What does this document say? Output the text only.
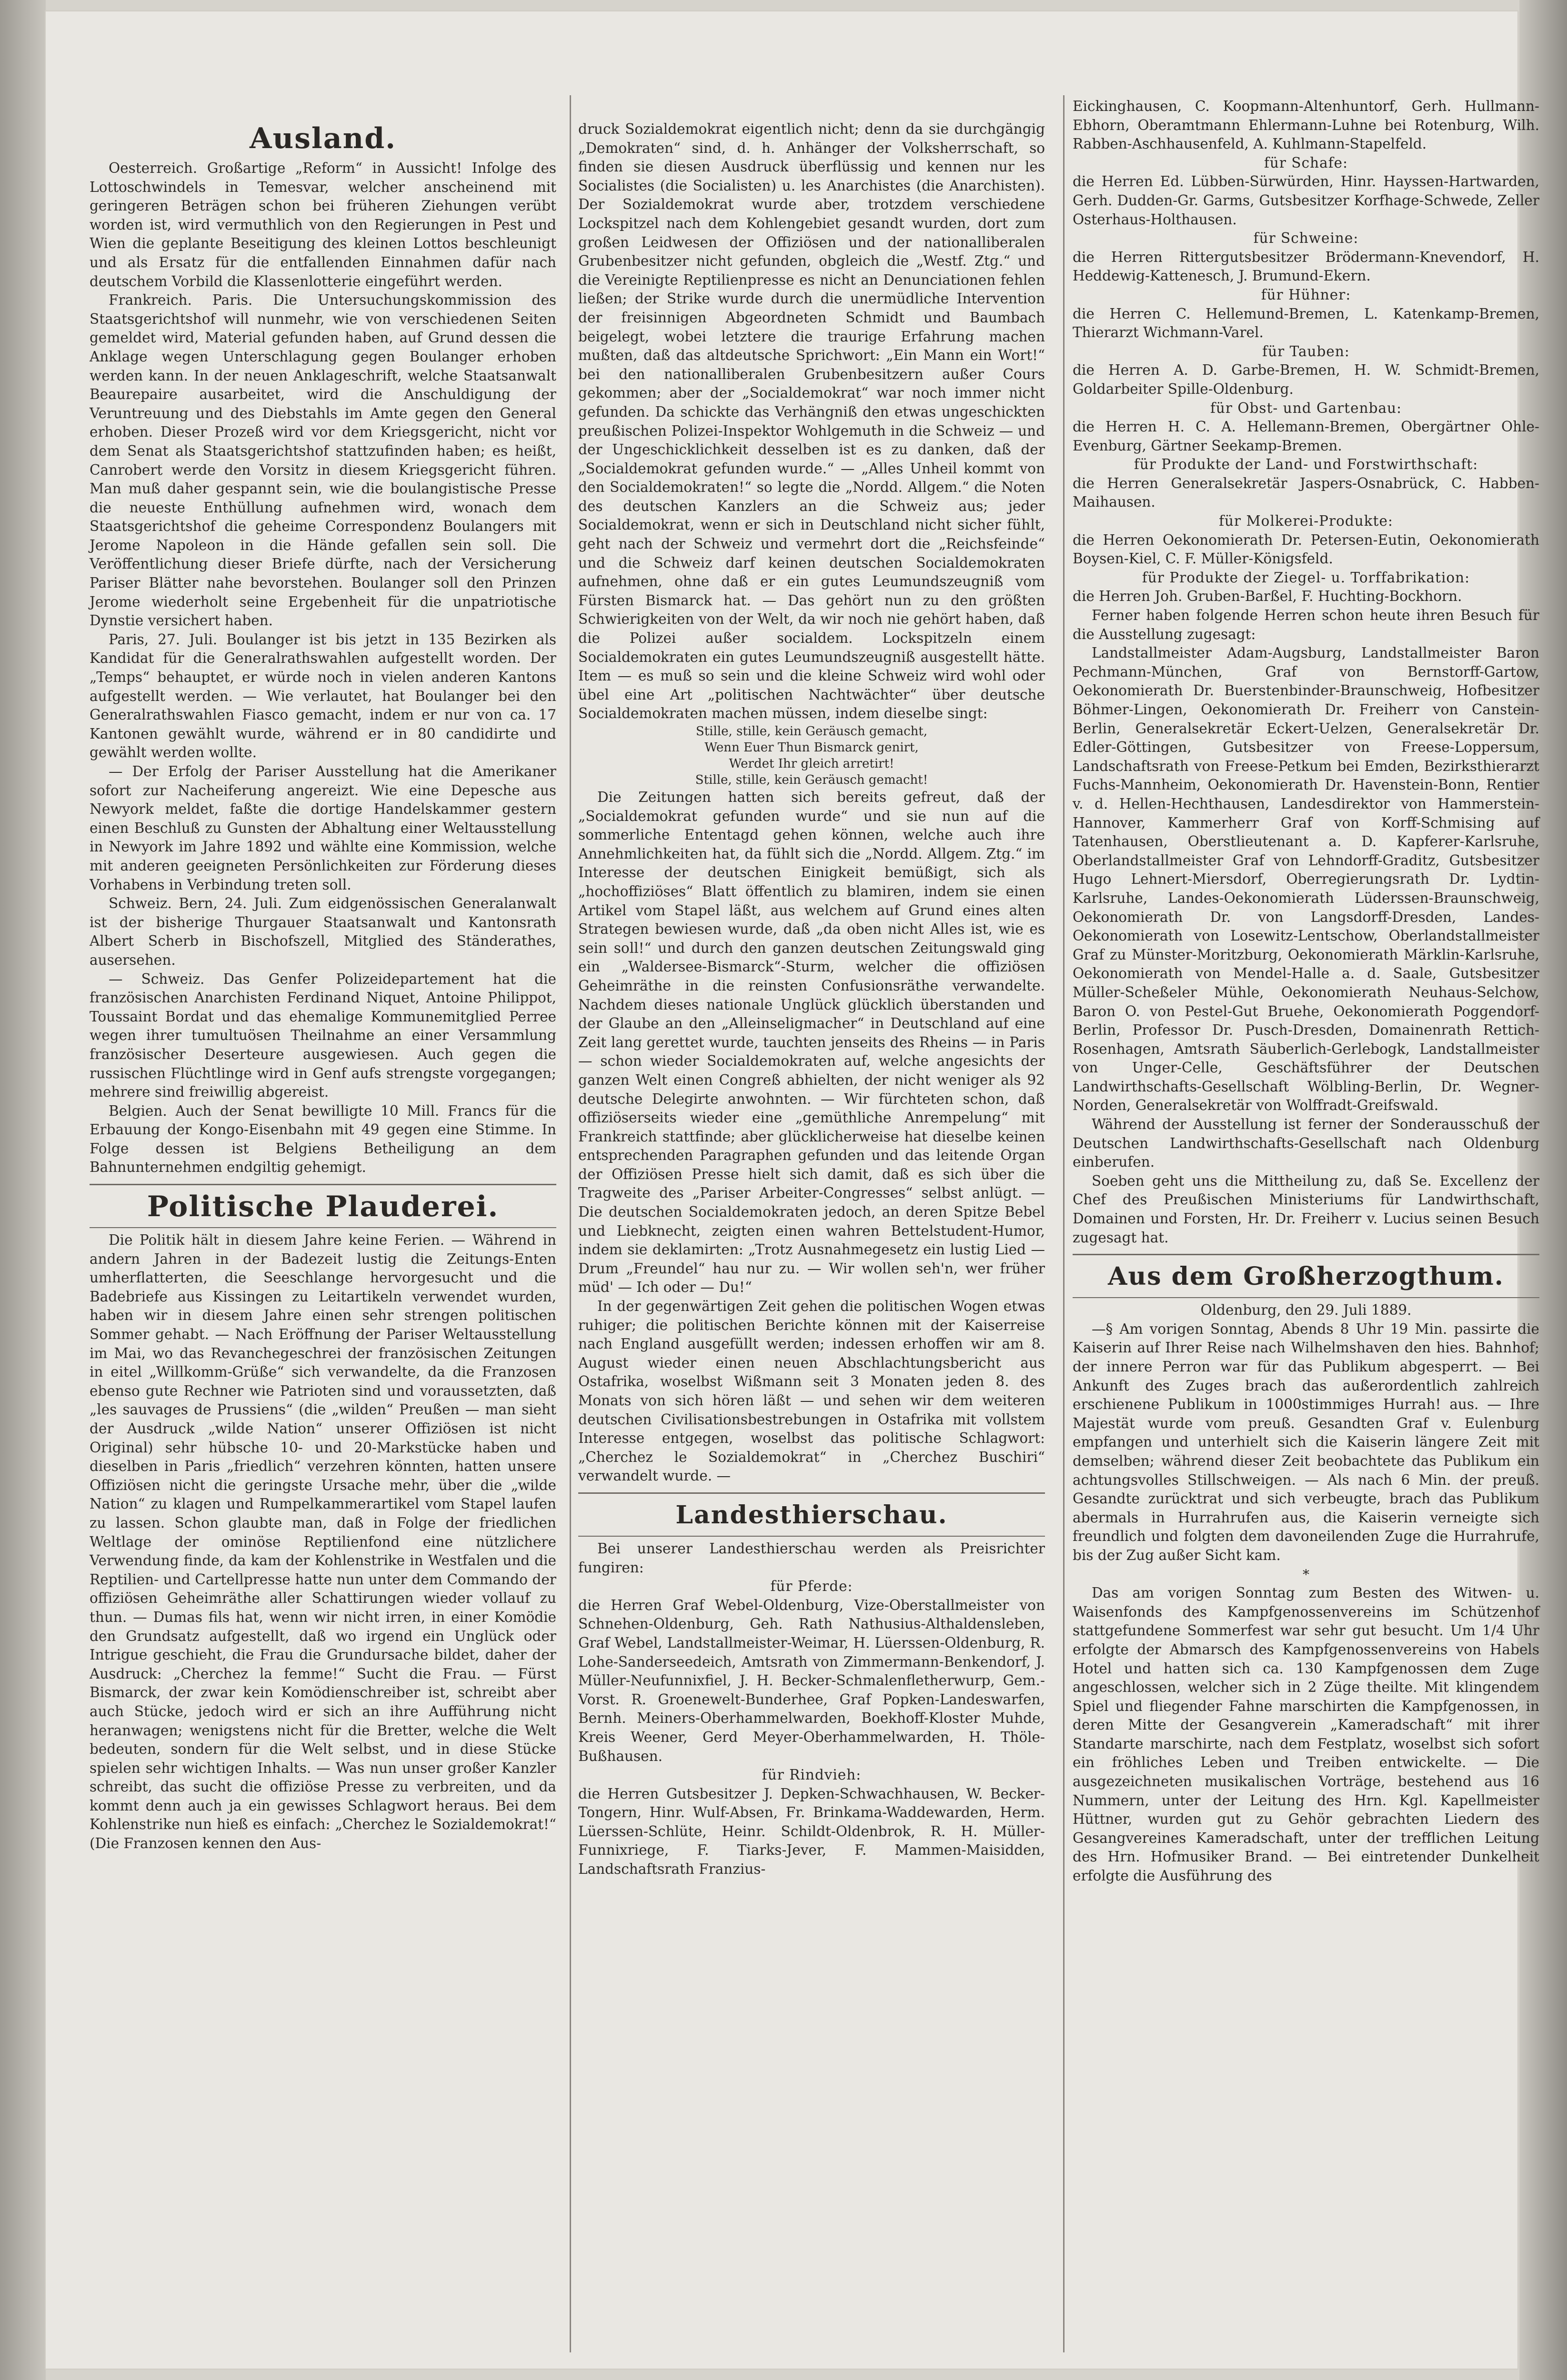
Ausland.

Oesterreich. Großartige „Reform“ in Aussicht! Infolge des Lottoschwindels in Temesvar, welcher anscheinend mit geringeren Beträgen schon bei früheren Ziehungen verübt worden ist, wird vermuthlich von den Regierungen in Pest und Wien die geplante Beseitigung des kleinen Lottos beschleunigt und als Ersatz für die entfallenden Einnahmen dafür nach deutschem Vorbild die Klassenlotterie eingeführt werden.

Frankreich. Paris. Die Untersuchungskommission des Staatsgerichtshof will nunmehr, wie von verschiedenen Seiten gemeldet wird, Material gefunden haben, auf Grund dessen die Anklage wegen Unterschlagung gegen Boulanger erhoben werden kann. In der neuen Anklageschrift, welche Staatsanwalt Beaurepaire ausarbeitet, wird die Anschuldigung der Veruntreuung und des Diebstahls im Amte gegen den General erhoben. Dieser Prozeß wird vor dem Kriegsgericht, nicht vor dem Senat als Staatsgerichtshof stattzufinden haben; es heißt, Canrobert werde den Vorsitz in diesem Kriegsgericht führen. Man muß daher gespannt sein, wie die boulangistische Presse die neueste Enthüllung aufnehmen wird, wonach dem Staatsgerichtshof die geheime Correspondenz Boulangers mit Jerome Napoleon in die Hände gefallen sein soll. Die Veröffentlichung dieser Briefe dürfte, nach der Versicherung Pariser Blätter nahe bevorstehen. Boulanger soll den Prinzen Jerome wiederholt seine Ergebenheit für die unpatriotische Dynstie versichert haben.

Paris, 27. Juli. Boulanger ist bis jetzt in 135 Bezirken als Kandidat für die Generalrathswahlen aufgestellt worden. Der „Temps“ behauptet, er würde noch in vielen anderen Kantons aufgestellt werden. — Wie verlautet, hat Boulanger bei den Generalrathswahlen Fiasco gemacht, indem er nur von ca. 17 Kantonen gewählt wurde, während er in 80 candidirte und gewählt werden wollte.

— Der Erfolg der Pariser Ausstellung hat die Amerikaner sofort zur Nacheiferung angereizt. Wie eine Depesche aus Newyork meldet, faßte die dortige Handelskammer gestern einen Beschluß zu Gunsten der Abhaltung einer Weltausstellung in Newyork im Jahre 1892 und wählte eine Kommission, welche mit anderen geeigneten Persönlichkeiten zur Förderung dieses Vorhabens in Verbindung treten soll.

Schweiz. Bern, 24. Juli. Zum eidgenössischen Generalanwalt ist der bisherige Thurgauer Staatsanwalt und Kantonsrath Albert Scherb in Bischofszell, Mitglied des Ständerathes, ausersehen.

— Schweiz. Das Genfer Polizeidepartement hat die französischen Anarchisten Ferdinand Niquet, Antoine Philippot, Toussaint Bordat und das ehemalige Kommunemitglied Perree wegen ihrer tumultuösen Theilnahme an einer Versammlung französischer Deserteure ausgewiesen. Auch gegen die russischen Flüchtlinge wird in Genf aufs strengste vorgegangen; mehrere sind freiwillig abgereist.

Belgien. Auch der Senat bewilligte 10 Mill. Francs für die Erbauung der Kongo-Eisenbahn mit 49 gegen eine Stimme. In Folge dessen ist Belgiens Betheiligung an dem Bahnunternehmen endgiltig gehemigt.

Politische Plauderei.

Die Politik hält in diesem Jahre keine Ferien. — Während in andern Jahren in der Badezeit lustig die Zeitungs-Enten umherflatterten, die Seeschlange hervorgesucht und die Badebriefe aus Kissingen zu Leitartikeln verwendet wurden, haben wir in diesem Jahre einen sehr strengen politischen Sommer gehabt. — Nach Eröffnung der Pariser Weltausstellung im Mai, wo das Revanchegeschrei der französischen Zeitungen in eitel „Willkomm-Grüße“ sich verwandelte, da die Franzosen ebenso gute Rechner wie Patrioten sind und voraussetzten, daß „les sauvages de Prussiens“ (die „wilden“ Preußen — man sieht der Ausdruck „wilde Nation“ unserer Offiziösen ist nicht Original) sehr hübsche 10- und 20-Markstücke haben und dieselben in Paris „friedlich“ verzehren könnten, hatten unsere Offiziösen nicht die geringste Ursache mehr, über die „wilde Nation“ zu klagen und Rumpelkammerartikel vom Stapel laufen zu lassen. Schon glaubte man, daß in Folge der friedlichen Weltlage der ominöse Reptilienfond eine nützlichere Verwendung finde, da kam der Kohlenstrike in Westfalen und die Reptilien- und Cartellpresse hatte nun unter dem Commando der offiziösen Geheimräthe aller Schattirungen wieder vollauf zu thun. — Dumas fils hat, wenn wir nicht irren, in einer Komödie den Grundsatz aufgestellt, daß wo irgend ein Unglück oder Intrigue geschieht, die Frau die Grundursache bildet, daher der Ausdruck: „Cherchez la femme!“ Sucht die Frau. — Fürst Bismarck, der zwar kein Komödienschreiber ist, schreibt aber auch Stücke, jedoch wird er sich an ihre Aufführung nicht heranwagen; wenigstens nicht für die Bretter, welche die Welt bedeuten, sondern für die Welt selbst, und in diese Stücke spielen sehr wichtigen Inhalts. — Was nun unser großer Kanzler schreibt, das sucht die offiziöse Presse zu verbreiten, und da kommt denn auch ja ein gewisses Schlagwort heraus. Bei dem Kohlenstrike nun hieß es einfach: „Cherchez le Sozialdemokrat!“ (Die Franzosen kennen den Aus-

druck Sozialdemokrat eigentlich nicht; denn da sie durchgängig „Demokraten“ sind, d. h. Anhänger der Volksherrschaft, so finden sie diesen Ausdruck überflüssig und kennen nur les Socialistes (die Socialisten) u. les Anarchistes (die Anarchisten). Der Sozialdemokrat wurde aber, trotzdem verschiedene Lockspitzel nach dem Kohlengebiet gesandt wurden, dort zum großen Leidwesen der Offiziösen und der nationalliberalen Grubenbesitzer nicht gefunden, obgleich die „Westf. Ztg.“ und die Vereinigte Reptilienpresse es nicht an Denunciationen fehlen ließen; der Strike wurde durch die unermüdliche Intervention der freisinnigen Abgeordneten Schmidt und Baumbach beigelegt, wobei letztere die traurige Erfahrung machen mußten, daß das altdeutsche Sprichwort: „Ein Mann ein Wort!“ bei den nationalliberalen Grubenbesitzern außer Cours gekommen; aber der „Socialdemokrat“ war noch immer nicht gefunden. Da schickte das Verhängniß den etwas ungeschickten preußischen Polizei-Inspektor Wohlgemuth in die Schweiz — und der Ungeschicklichkeit desselben ist es zu danken, daß der „Socialdemokrat gefunden wurde.“ — „Alles Unheil kommt von den Socialdemokraten!“ so legte die „Nordd. Allgem.“ die Noten des deutschen Kanzlers an die Schweiz aus; jeder Socialdemokrat, wenn er sich in Deutschland nicht sicher fühlt, geht nach der Schweiz und vermehrt dort die „Reichsfeinde“ und die Schweiz darf keinen deutschen Socialdemokraten aufnehmen, ohne daß er ein gutes Leumundszeugniß vom Fürsten Bismarck hat. — Das gehört nun zu den größten Schwierigkeiten von der Welt, da wir noch nie gehört haben, daß die Polizei außer socialdem. Lockspitzeln einem Socialdemokraten ein gutes Leumundszeugniß ausgestellt hätte. Item — es muß so sein und die kleine Schweiz wird wohl oder übel eine Art „politischen Nachtwächter“ über deutsche Socialdemokraten machen müssen, indem dieselbe singt:

Stille, stille, kein Geräusch gemacht,

Wenn Euer Thun Bismarck genirt,

Werdet Ihr gleich arretirt!

Stille, stille, kein Geräusch gemacht!

Die Zeitungen hatten sich bereits gefreut, daß der „Socialdemokrat gefunden wurde“ und sie nun auf die sommerliche Ententagd gehen können, welche auch ihre Annehmlichkeiten hat, da fühlt sich die „Nordd. Allgem. Ztg.“ im Interesse der deutschen Einigkeit bemüßigt, sich als „hochoffiziöses“ Blatt öffentlich zu blamiren, indem sie einen Artikel vom Stapel läßt, aus welchem auf Grund eines alten Strategen bewiesen wurde, daß „da oben nicht Alles ist, wie es sein soll!“ und durch den ganzen deutschen Zeitungswald ging ein „Walderseе-Bismarck“-Sturm, welcher die offiziösen Geheimräthe in die reinsten Confusionsräthe verwandelte. Nachdem dieses nationale Unglück glücklich überstanden und der Glaube an den „Alleinseligmacher“ in Deutschland auf eine Zeit lang gerettet wurde, tauchten jenseits des Rheins — in Paris — schon wieder Socialdemokraten auf, welche angesichts der ganzen Welt einen Congreß abhielten, der nicht weniger als 92 deutsche Delegirte anwohnten. — Wir fürchteten schon, daß offiziöserseits wieder eine „gemüthliche Anrempelung“ mit Frankreich stattfinde; aber glücklicherweise hat dieselbe keinen entsprechenden Paragraphen gefunden und das leitende Organ der Offiziösen Presse hielt sich damit, daß es sich über die Tragweite des „Pariser Arbeiter-Congresses“ selbst anlügt. — Die deutschen Socialdemokraten jedoch, an deren Spitze Bebel und Liebknecht, zeigten einen wahren Bettelstudent-Humor, indem sie deklamirten: „Trotz Ausnahmegesetz ein lustig Lied — Drum „Freundel“ hau nur zu. — Wir wollen seh'n, wer früher müd' — Ich oder — Du!“

In der gegenwärtigen Zeit gehen die politischen Wogen etwas ruhiger; die politischen Berichte können mit der Kaiserreise nach England ausgefüllt werden; indessen erhoffen wir am 8. August wieder einen neuen Abschlachtungsbericht aus Ostafrika, woselbst Wißmann seit 3 Monaten jeden 8. des Monats von sich hören läßt — und sehen wir dem weiteren deutschen Civilisationsbestrebungen in Ostafrika mit vollstem Interesse entgegen, woselbst das politische Schlagwort: „Cherchez le Sozialdemokrat“ in „Cherchez Buschiri“ verwandelt wurde. —

Landesthierschau.

Bei unserer Landesthierschau werden als Preisrichter fungiren:

für Pferde:

die Herren Graf Webel-Oldenburg, Vize-Oberstallmeister von Schnehen-Oldenburg, Geh. Rath Nathusius-Althaldensleben, Graf Webel, Landstallmeister-Weimar, H. Lüerssen-Oldenburg, R. Lohe-Sanderseedeich, Amtsrath von Zimmermann-Benkendorf, J. Müller-Neufunnixfiel, J. H. Becker-Schmalenfletherwurp, Gem.-Vorst. R. Groenewelt-Bunderhee, Graf Popken-Landeswarfen, Bernh. Meiners-Oberhammelwarden, Boekhoff-Kloster Muhde, Kreis Weener, Gerd Meyer-Oberhammelwarden, H. Thöle-Bußhausen.

für Rindvieh:

die Herren Gutsbesitzer J. Depken-Schwachhausen, W. Becker-Tongern, Hinr. Wulf-Absen, Fr. Brinkama-Waddewarden, Herm. Lüerssen-Schlüte, Heinr. Schildt-Oldenbrok, R. H. Müller-Funnixriege, F. Tiarks-Jever, F. Mammen-Maisidden, Landschaftsrath Franzius-

Eickinghausen, C. Koopmann-Altenhuntorf, Gerh. Hullmann-Ebhorn, Oberamtmann Ehlermann-Luhne bei Rotenburg, Wilh. Rabben-Aschhausenfeld, A. Kuhlmann-Stapelfeld.

für Schafe:

die Herren Ed. Lübben-Sürwürden, Hinr. Hayssen-Hartwarden, Gerh. Dudden-Gr. Garms, Gutsbesitzer Korfhage-Schwede, Zeller Osterhaus-Holthausen.

für Schweine:

die Herren Rittergutsbesitzer Brödermann-Knevendorf, H. Heddewig-Kattenesch, J. Brumund-Ekern.

für Hühner:

die Herren C. Hellemund-Bremen, L. Katenkamp-Bremen, Thierarzt Wichmann-Varel.

für Tauben:

die Herren A. D. Garbe-Bremen, H. W. Schmidt-Bremen, Goldarbeiter Spille-Oldenburg.

für Obst- und Gartenbau:

die Herren H. C. A. Hellemann-Bremen, Obergärtner Ohle-Evenburg, Gärtner Seekamp-Bremen.

für Produkte der Land- und Forstwirthschaft:

die Herren Generalsekretär Jaspers-Osnabrück, C. Habben-Maihausen.

für Molkerei-Produkte:

die Herren Oekonomierath Dr. Petersen-Eutin, Oekonomierath Boysen-Kiel, C. F. Müller-Königsfeld.

für Produkte der Ziegel- u. Torffabrikation:

die Herren Joh. Gruben-Barßel, F. Huchting-Bockhorn.

Ferner haben folgende Herren schon heute ihren Besuch für die Ausstellung zugesagt:

Landstallmeister Adam-Augsburg, Landstallmeister Baron Pechmann-München, Graf von Bernstorff-Gartow, Oekonomierath Dr. Buerstenbinder-Braunschweig, Hofbesitzer Böhmer-Lingen, Oekonomierath Dr. Freiherr von Canstein-Berlin, Generalsekretär Eckert-Uelzen, Generalsekretär Dr. Edler-Göttingen, Gutsbesitzer von Freese-Loppersum, Landschaftsrath von Freese-Petkum bei Emden, Bezirksthierarzt Fuchs-Mannheim, Oekonomierath Dr. Havenstein-Bonn, Rentier v. d. Hellen-Hechthausen, Landesdirektor von Hammerstein-Hannover, Kammerherr Graf von Korff-Schmising auf Tatenhausen, Oberstlieutenant a. D. Kapferer-Karlsruhe, Oberlandstallmeister Graf von Lehndorff-Graditz, Gutsbesitzer Hugo Lehnert-Miersdorf, Oberregierungsrath Dr. Lydtin-Karlsruhe, Landes-Oekonomierath Lüderssen-Braunschweig, Oekonomierath Dr. von Langsdorff-Dresden, Landes-Oekonomierath von Losewitz-Lentschow, Oberlandstallmeister Graf zu Münster-Moritzburg, Oekonomierath Märklin-Karlsruhe, Oekonomierath von Mendel-Halle a. d. Saale, Gutsbesitzer Müller-Scheßeler Mühle, Oekonomierath Neuhaus-Selchow, Baron O. von Pestel-Gut Bruehe, Oekonomierath Poggendorf-Berlin, Professor Dr. Pusch-Dresden, Domainenrath Rettich-Rosenhagen, Amtsrath Säuberlich-Gerlebogk, Landstallmeister von Unger-Celle, Geschäftsführer der Deutschen Landwirthschafts-Gesellschaft Wölbling-Berlin, Dr. Wegner-Norden, Generalsekretär von Wolffradt-Greifswald.

Während der Ausstellung ist ferner der Sonderausschuß der Deutschen Landwirthschafts-Gesellschaft nach Oldenburg einberufen.

Soeben geht uns die Mittheilung zu, daß Se. Excellenz der Chef des Preußischen Ministeriums für Landwirthschaft, Domainen und Forsten, Hr. Dr. Freiherr v. Lucius seinen Besuch zugesagt hat.

Aus dem Großherzogthum.

Oldenburg, den 29. Juli 1889.

—§ Am vorigen Sonntag, Abends 8 Uhr 19 Min. passirte die Kaiserin auf Ihrer Reise nach Wilhelmshaven den hies. Bahnhof; der innere Perron war für das Publikum abgesperrt. — Bei Ankunft des Zuges brach das außerordentlich zahlreich erschienene Publikum in 1000stimmiges Hurrah! aus. — Ihre Majestät wurde vom preuß. Gesandten Graf v. Eulenburg empfangen und unterhielt sich die Kaiserin längere Zeit mit demselben; während dieser Zeit beobachtete das Publikum ein achtungsvolles Stillschweigen. — Als nach 6 Min. der preuß. Gesandte zurücktrat und sich verbeugte, brach das Publikum abermals in Hurrahrufen aus, die Kaiserin verneigte sich freundlich und folgten dem davoneilenden Zuge die Hurrahrufe, bis der Zug außer Sicht kam.

*

Das am vorigen Sonntag zum Besten des Witwen- u. Waisenfonds des Kampfgenossenvereins im Schützenhof stattgefundene Sommerfest war sehr gut besucht. Um 1/4 Uhr erfolgte der Abmarsch des Kampfgenossenvereins von Habels Hotel und hatten sich ca. 130 Kampfgenossen dem Zuge angeschlossen, welcher sich in 2 Züge theilte. Mit klingendem Spiel und fliegender Fahne marschirten die Kampfgenossen, in deren Mitte der Gesangverein „Kameradschaft“ mit ihrer Standarte marschirte, nach dem Festplatz, woselbst sich sofort ein fröhliches Leben und Treiben entwickelte. — Die ausgezeichneten musikalischen Vorträge, bestehend aus 16 Nummern, unter der Leitung des Hrn. Kgl. Kapellmeister Hüttner, wurden gut zu Gehör gebrachten Liedern des Gesangvereines Kameradschaft, unter der trefflichen Leitung des Hrn. Hofmusiker Brand. — Bei eintretender Dunkelheit erfolgte die Ausführung des
